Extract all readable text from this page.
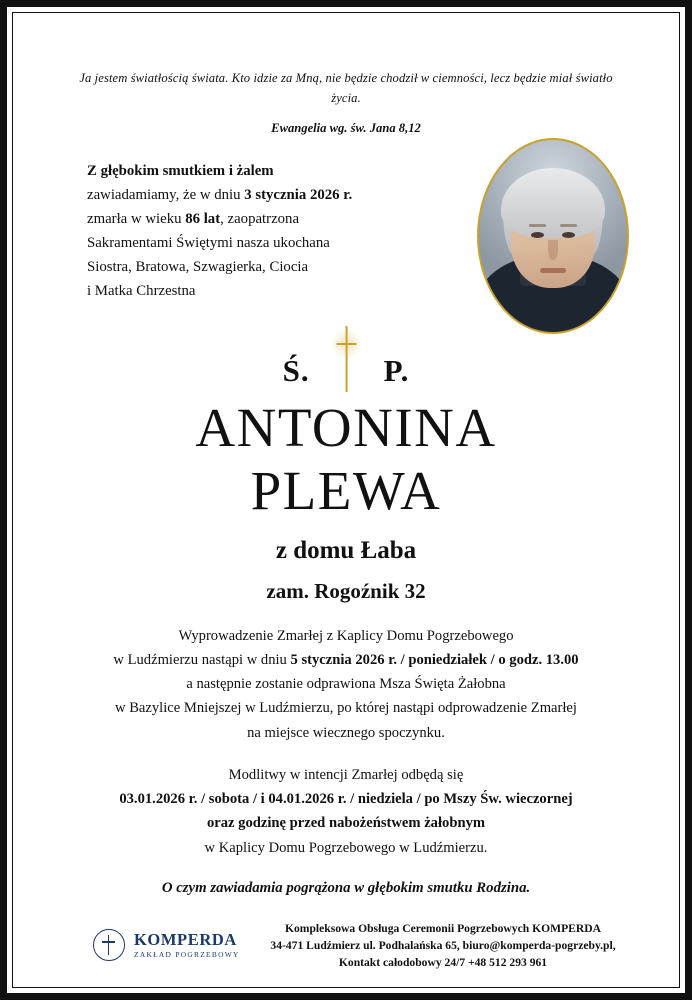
Ja jestem światłością świata. Kto idzie za Mną, nie będzie chodził w ciemności, lecz będzie miał światło życia.
Ewangelia wg. św. Jana 8,12
Z głębokim smutkiem i żalem
zawiadamiamy, że w dniu 3 stycznia 2026 r.
zmarła w wieku 86 lat, zaopatrzona
Sakramentami Świętymi nasza ukochana
Siostra, Bratowa, Szwagierka, Ciocia
i Matka Chrzestna
Ś. P.
ANTONINA
PLEWA
z domu Łaba
zam. Rogoźnik 32
Wyprowadzenie Zmarłej z Kaplicy Domu Pogrzebowego
w Ludźmierzu nastąpi w dniu 5 stycznia 2026 r. / poniedziałek / o godz. 13.00
a następnie zostanie odprawiona Msza Święta Żałobna
w Bazylice Mniejszej w Ludźmierzu, po której nastąpi odprowadzenie Zmarłej
na miejsce wiecznego spoczynku.
Modlitwy w intencji Zmarłej odbędą się
03.01.2026 r. / sobota / i 04.01.2026 r. / niedziela / po Mszy Św. wieczornej
oraz godzinę przed nabożeństwem żałobnym
w Kaplicy Domu Pogrzebowego w Ludźmierzu.
O czym zawiadamia pogrążona w głębokim smutku Rodzina.
KOMPERDA
ZAKŁAD POGRZEBOWY
Kompleksowa Obsługa Ceremonii Pogrzebowych KOMPERDA
34-471 Ludźmierz ul. Podhalańska 65, biuro@komperda-pogrzeby.pl,
Kontakt całodobowy 24/7 +48 512 293 961
